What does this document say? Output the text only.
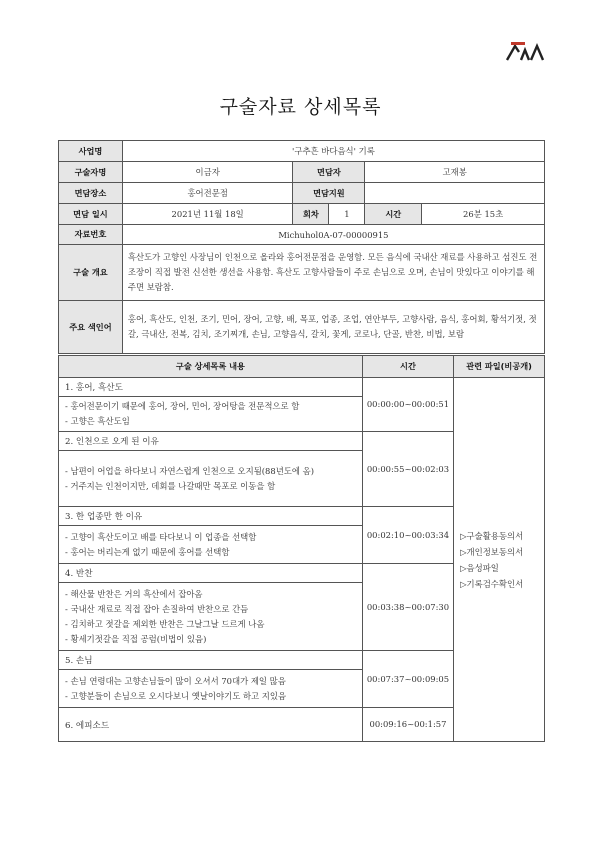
구술자료 상세목록
사업명	'구추흔 바다음식' 기록				
구술자명	이금자	면담자		고재봉	
면담장소	홍어전문점	면담지원			
면담 일시	2021년 11월 18일	회차	1	시간	26분 15초
자료번호	Michuhol0A-07-00000915				
구술 개요	흑산도가 고향인 사장님이 인천으로 올라와 홍어전문점을 운영함. 모든 음식에 국내산 재료를 사용하고 섬진도 전조장이 직접 발전 신선한 생선을 사용함. 흑산도 고향사람들이 주로 손님으로 오며, 손님이 맛있다고 이야기를 해주면 보람참.				
주요 색인어	홍어, 흑산도, 인천, 조기, 민어, 장어, 고향, 배, 목포, 업종, 조업, 연안부두, 고향사람, 음식, 홍어회, 황석기젓, 젓갈, 극내산, 전복, 김치, 조기찌개, 손님, 고향음식, 갈치, 꽃게, 코로나, 단골, 반찬, 비법, 보람				
구술 상세목록 내용	시간	관련 파일(비공개)
1. 홍어, 흑산도	00:00:00~00:00:51	▷구술활용동의서
▷개인정보동의서
▷음성파일
▷기록검수확인서

- 홍어전문이기 때문에 홍어, 장어, 민어, 장어탕을 전문적으로 함
- 고향은 흑산도임		

2. 인천으로 오게 된 이유	00:00:55~00:02:03	

- 남편이 어업을 하다보니 자연스럽게 인천으로 오지됨(88년도에 옴)
- 거주지는 인천이지만, 데회를 나갈때만 목포로 이동을 함		

3. 한 업종만 한 이유	00:02:10~00:03:34	

- 고향이 흑산도이고 배를 타다보니 이 업종을 선택함
- 홍어는 버리는게 없기 때문에 홍어를 선택함		

4. 반찬	00:03:38~00:07:30	

- 해산물 반찬은 거의 흑산에서 잡아옴
- 국내산 재료로 직접 잡아 손질하여 반찬으로 간듬
- 김치하고 젓갈을 제외한 반찬은 그날그날 드르게 나옴
- 황세기젓갈을 직접 공럼(비법이 있음)		

5. 손님	00:07:37~00:09:05	

- 손님 연령대는 고향손님들이 많이 오셔서 70대가 제일 많음
- 고향분들이 손님으로 오시다보니 옛날이야기도 하고 지있음		

6. 에피소드	00:09:16~00:1:57	
